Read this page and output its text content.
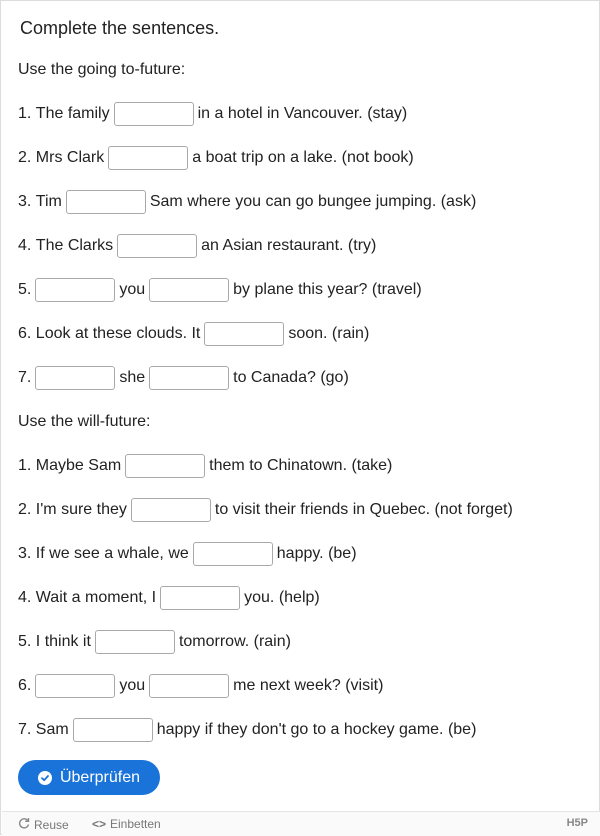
Complete the sentences.
Use the going to-future:
1.
The family	in a hotel in Vancouver. (stay)
2.
Mrs Clark	a boat trip on a lake. (not book)
3.
Tim	Sam where you can go bungee jumping. (ask)
4.
The Clarks	an Asian restaurant. (try)
5.	you	by plane this year? (travel)
6.
Look at these clouds. It	soon. (rain)
7.	she	to Canada? (go)
Use the will-future:
1.
Maybe Sam	them to Chinatown. (take)
2.
I'm sure they	to visit their friends in Quebec. (not forget)
3.
If we see a whale, we	happy. (be)
4.
Wait a moment, I	you. (help)
5.
I think it	tomorrow. (rain)
6.	you	me next week? (visit)
7.
Sam	happy if they don't go to a hockey game. (be)
Überprüfen
Reuse <> Einbetten	H5P
